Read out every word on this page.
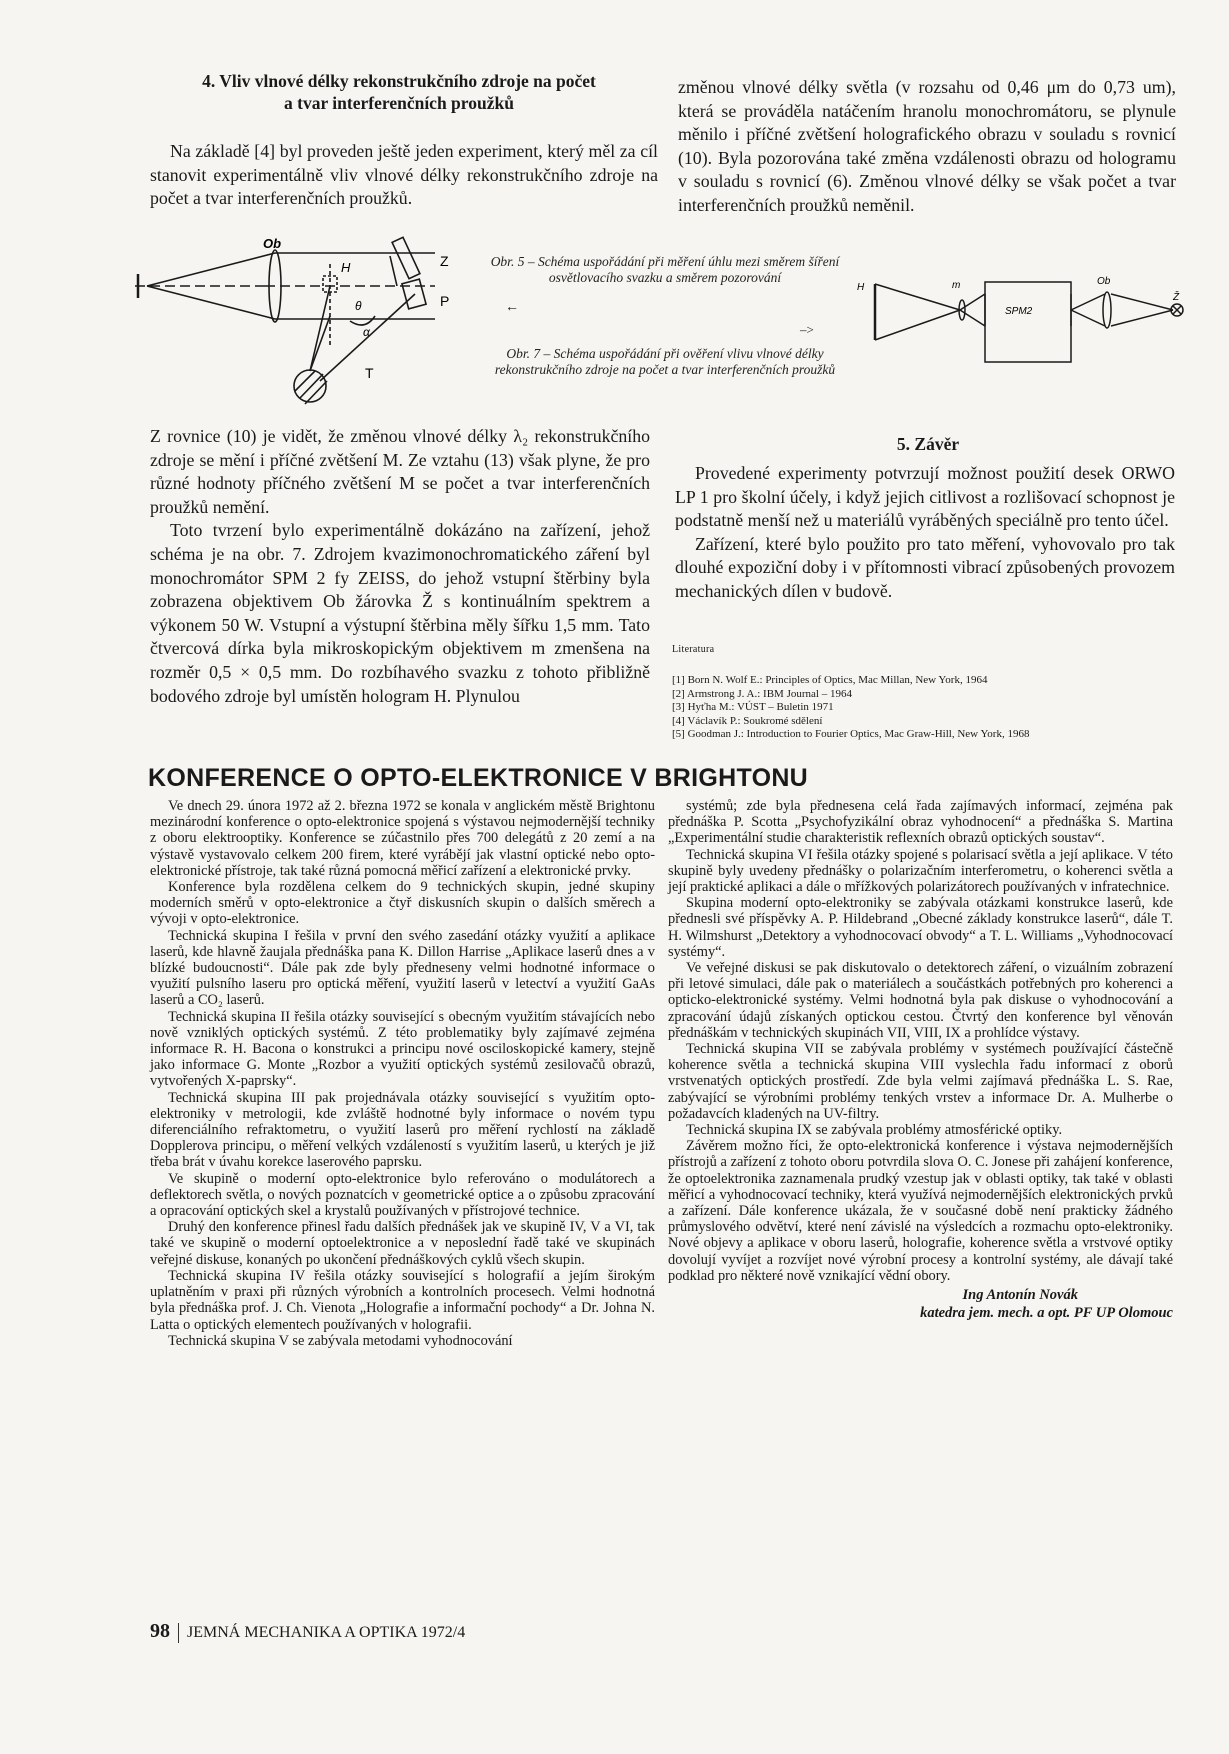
4. Vliv vlnové délky rekonstrukčního zdroje na počet
a tvar interferenčních proužků

Na základě [4] byl proveden ještě jeden experiment, který měl za cíl stanovit experimentálně vliv vlnové délky rekonstrukčního zdroje na počet a tvar interferenčních proužků.

změnou vlnové délky světla (v rozsahu od 0,46 μm do 0,73 um), která se prováděla natáčením hranolu monochromátoru, se plynule měnilo i příčné zvětšení holografického obrazu v souladu s rovnicí (10). Byla pozorována také změna vzdálenosti obrazu od hologramu v souladu s rovnicí (6). Změnou vlnové délky se však počet a tvar interferenčních proužků neměnil.

Ob
H	Z
P
T
θ
α
Obr. 5 – Schéma uspořádání při měření úhlu mezi směrem šíření osvětlovacího svazku a směrem pozorování
←
–>
Obr. 7 – Schéma uspořádání při ověření vlivu vlnové délky rekonstrukčního zdroje na počet a tvar interferenčních proužků
H	m
SPM2
Ob
Ž

Z rovnice (10) je vidět, že změnou vlnové délky λ₂ rekonstrukčního zdroje se mění i příčné zvětšení M. Ze vztahu (13) však plyne, že pro různé hodnoty příčného zvětšení M se počet a tvar interferenčních proužků nemění.

Toto tvrzení bylo experimentálně dokázáno na zařízení, jehož schéma je na obr. 7. Zdrojem kvazimonochromatického záření byl monochromátor SPM 2 fy ZEISS, do jehož vstupní štěrbiny byla zobrazena objektivem Ob žárovka Ž s kontinuálním spektrem a výkonem 50 W. Vstupní a výstupní štěrbina měly šířku 1,5 mm. Tato čtvercová dírka byla mikroskopickým objektivem m zmenšena na rozměr 0,5 × 0,5 mm. Do rozbíhavého svazku z tohoto přibližně bodového zdroje byl umístěn hologram H. Plynulou

5. Závěr

Provedené experimenty potvrzují možnost použití desek ORWO LP 1 pro školní účely, i když jejich citlivost a rozlišovací schopnost je podstatně menší než u materiálů vyráběných speciálně pro tento účel.

Zařízení, které bylo použito pro tato měření, vyhovovalo pro tak dlouhé expoziční doby i v přítomnosti vibrací způsobených provozem mechanických dílen v budově.

Literatura
[1] Born N. Wolf E.: Principles of Optics, Mac Millan, New York, 1964
[2] Armstrong J. A.: IBM Journal – 1964
[3] Hyťha M.: VÚST – Buletin 1971
[4] Václavík P.: Soukromé sdělení
[5] Goodman J.: Introduction to Fourier Optics, Mac Graw-Hill, New York, 1968
KONFERENCE O OPTO-ELEKTRONICE V BRIGHTONU

Ve dnech 29. února 1972 až 2. března 1972 se konala v anglickém městě Brightonu mezinárodní konference o opto-elektronice spojená s výstavou nejmodernější techniky z oboru elektrooptiky. Konference se zúčastnilo přes 700 delegátů z 20 zemí a na výstavě vystavovalo celkem 200 firem, které vyrábějí jak vlastní optické nebo opto-elektronické přístroje, tak také různá pomocná měřicí zařízení a elektronické prvky.

Konference byla rozdělena celkem do 9 technických skupin, jedné skupiny moderních směrů v opto-elektronice a čtyř diskusních skupin o dalších směrech a vývoji v opto-elektronice.

Technická skupina I řešila v první den svého zasedání otázky využití a aplikace laserů, kde hlavně žaujala přednáška pana K. Dillon Harrise „Aplikace laserů dnes a v blízké budoucnosti“. Dále pak zde byly předneseny velmi hodnotné informace o využití pulsního laseru pro optická měření, využití laserů v letectví a využití GaAs laserů a CO₂ laserů.

Technická skupina II řešila otázky související s obecným využitím stávajících nebo nově vzniklých optických systémů. Z této problematiky byly zajímavé zejména informace R. H. Bacona o konstrukci a principu nové osciloskopické kamery, stejně jako informace G. Monte „Rozbor a využití optických systémů zesilovačů obrazů, vytvořených X-paprsky“.

Technická skupina III pak projednávala otázky související s využitím opto-elektroniky v metrologii, kde zvláště hodnotné byly informace o novém typu diferenciálního refraktometru, o využití laserů pro měření rychlostí na základě Dopplerova principu, o měření velkých vzdáleností s využitím laserů, u kterých je již třeba brát v úvahu korekce laserového paprsku.

Ve skupině o moderní opto-elektronice bylo referováno o modulátorech a deflektorech světla, o nových poznatcích v geometrické optice a o způsobu zpracování a opracování optických skel a krystalů používaných v přístrojové technice.

Druhý den konference přinesl řadu dalších přednášek jak ve skupině IV, V a VI, tak také ve skupině o moderní optoelektronice a v neposlední řadě také ve skupinách veřejné diskuse, konaných po ukončení přednáškových cyklů všech skupin.

Technická skupina IV řešila otázky související s holografií a jejím širokým uplatněním v praxi při různých výrobních a kontrolních procesech. Velmi hodnotná byla přednáška prof. J. Ch. Vienota „Holografie a informační pochody“ a Dr. Johna N. Latta o optických elementech používaných v holografii.

Technická skupina V se zabývala metodami vyhodnocování

systémů; zde byla přednesena celá řada zajímavých informací, zejména pak přednáška P. Scotta „Psychofyzikální obraz vyhodnocení“ a přednáška S. Martina „Experimentální studie charakteristik reflexních obrazů optických soustav“.

Technická skupina VI řešila otázky spojené s polarisací světla a její aplikace. V této skupině byly uvedeny přednášky o polarizačním interferometru, o koherenci světla a její praktické aplikaci a dále o mřížkových polarizátorech používaných v infratechnice.

Skupina moderní opto-elektroniky se zabývala otázkami konstrukce laserů, kde přednesli své příspěvky A. P. Hildebrand „Obecné základy konstrukce laserů“, dále T. H. Wilmshurst „Detektory a vyhodnocovací obvody“ a T. L. Williams „Vyhodnocovací systémy“.

Ve veřejné diskusi se pak diskutovalo o detektorech záření, o vizuálním zobrazení při letové simulaci, dále pak o materiálech a součástkách potřebných pro koherenci a opticko-elektronické systémy. Velmi hodnotná byla pak diskuse o vyhodnocování a zpracování údajů získaných optickou cestou. Čtvrtý den konference byl věnován přednáškám v technických skupinách VII, VIII, IX a prohlídce výstavy.

Technická skupina VII se zabývala problémy v systémech používající částečně koherence světla a technická skupina VIII vyslechla řadu informací z oborů vrstvenatých optických prostředí. Zde byla velmi zajímavá přednáška L. S. Rae, zabývající se výrobními problémy tenkých vrstev a informace Dr. A. Mulherbe o požadavcích kladených na UV-filtry.

Technická skupina IX se zabývala problémy atmosférické optiky.

Závěrem možno říci, že opto-elektronická konference i výstava nejmodernějších přístrojů a zařízení z tohoto oboru potvrdila slova O. C. Jonese při zahájení konference, že optoelektronika zaznamenala prudký vzestup jak v oblasti optiky, tak také v oblasti měřicí a vyhodnocovací techniky, která využívá nejmodernějších elektronických prvků a zařízení. Dále konference ukázala, že v současné době není prakticky žádného průmyslového odvětví, které není závislé na výsledcích a rozmachu opto-elektroniky. Nové objevy a aplikace v oboru laserů, holografie, koherence světla a vrstvové optiky dovolují vyvíjet a rozvíjet nové výrobní procesy a kontrolní systémy, ale dávají také podklad pro některé nově vznikající vědní obory.

Ing Antonín Novák
katedra jem. mech. a opt. PF UP Olomouc
98 JEMNÁ MECHANIKA A OPTIKA 1972/4
